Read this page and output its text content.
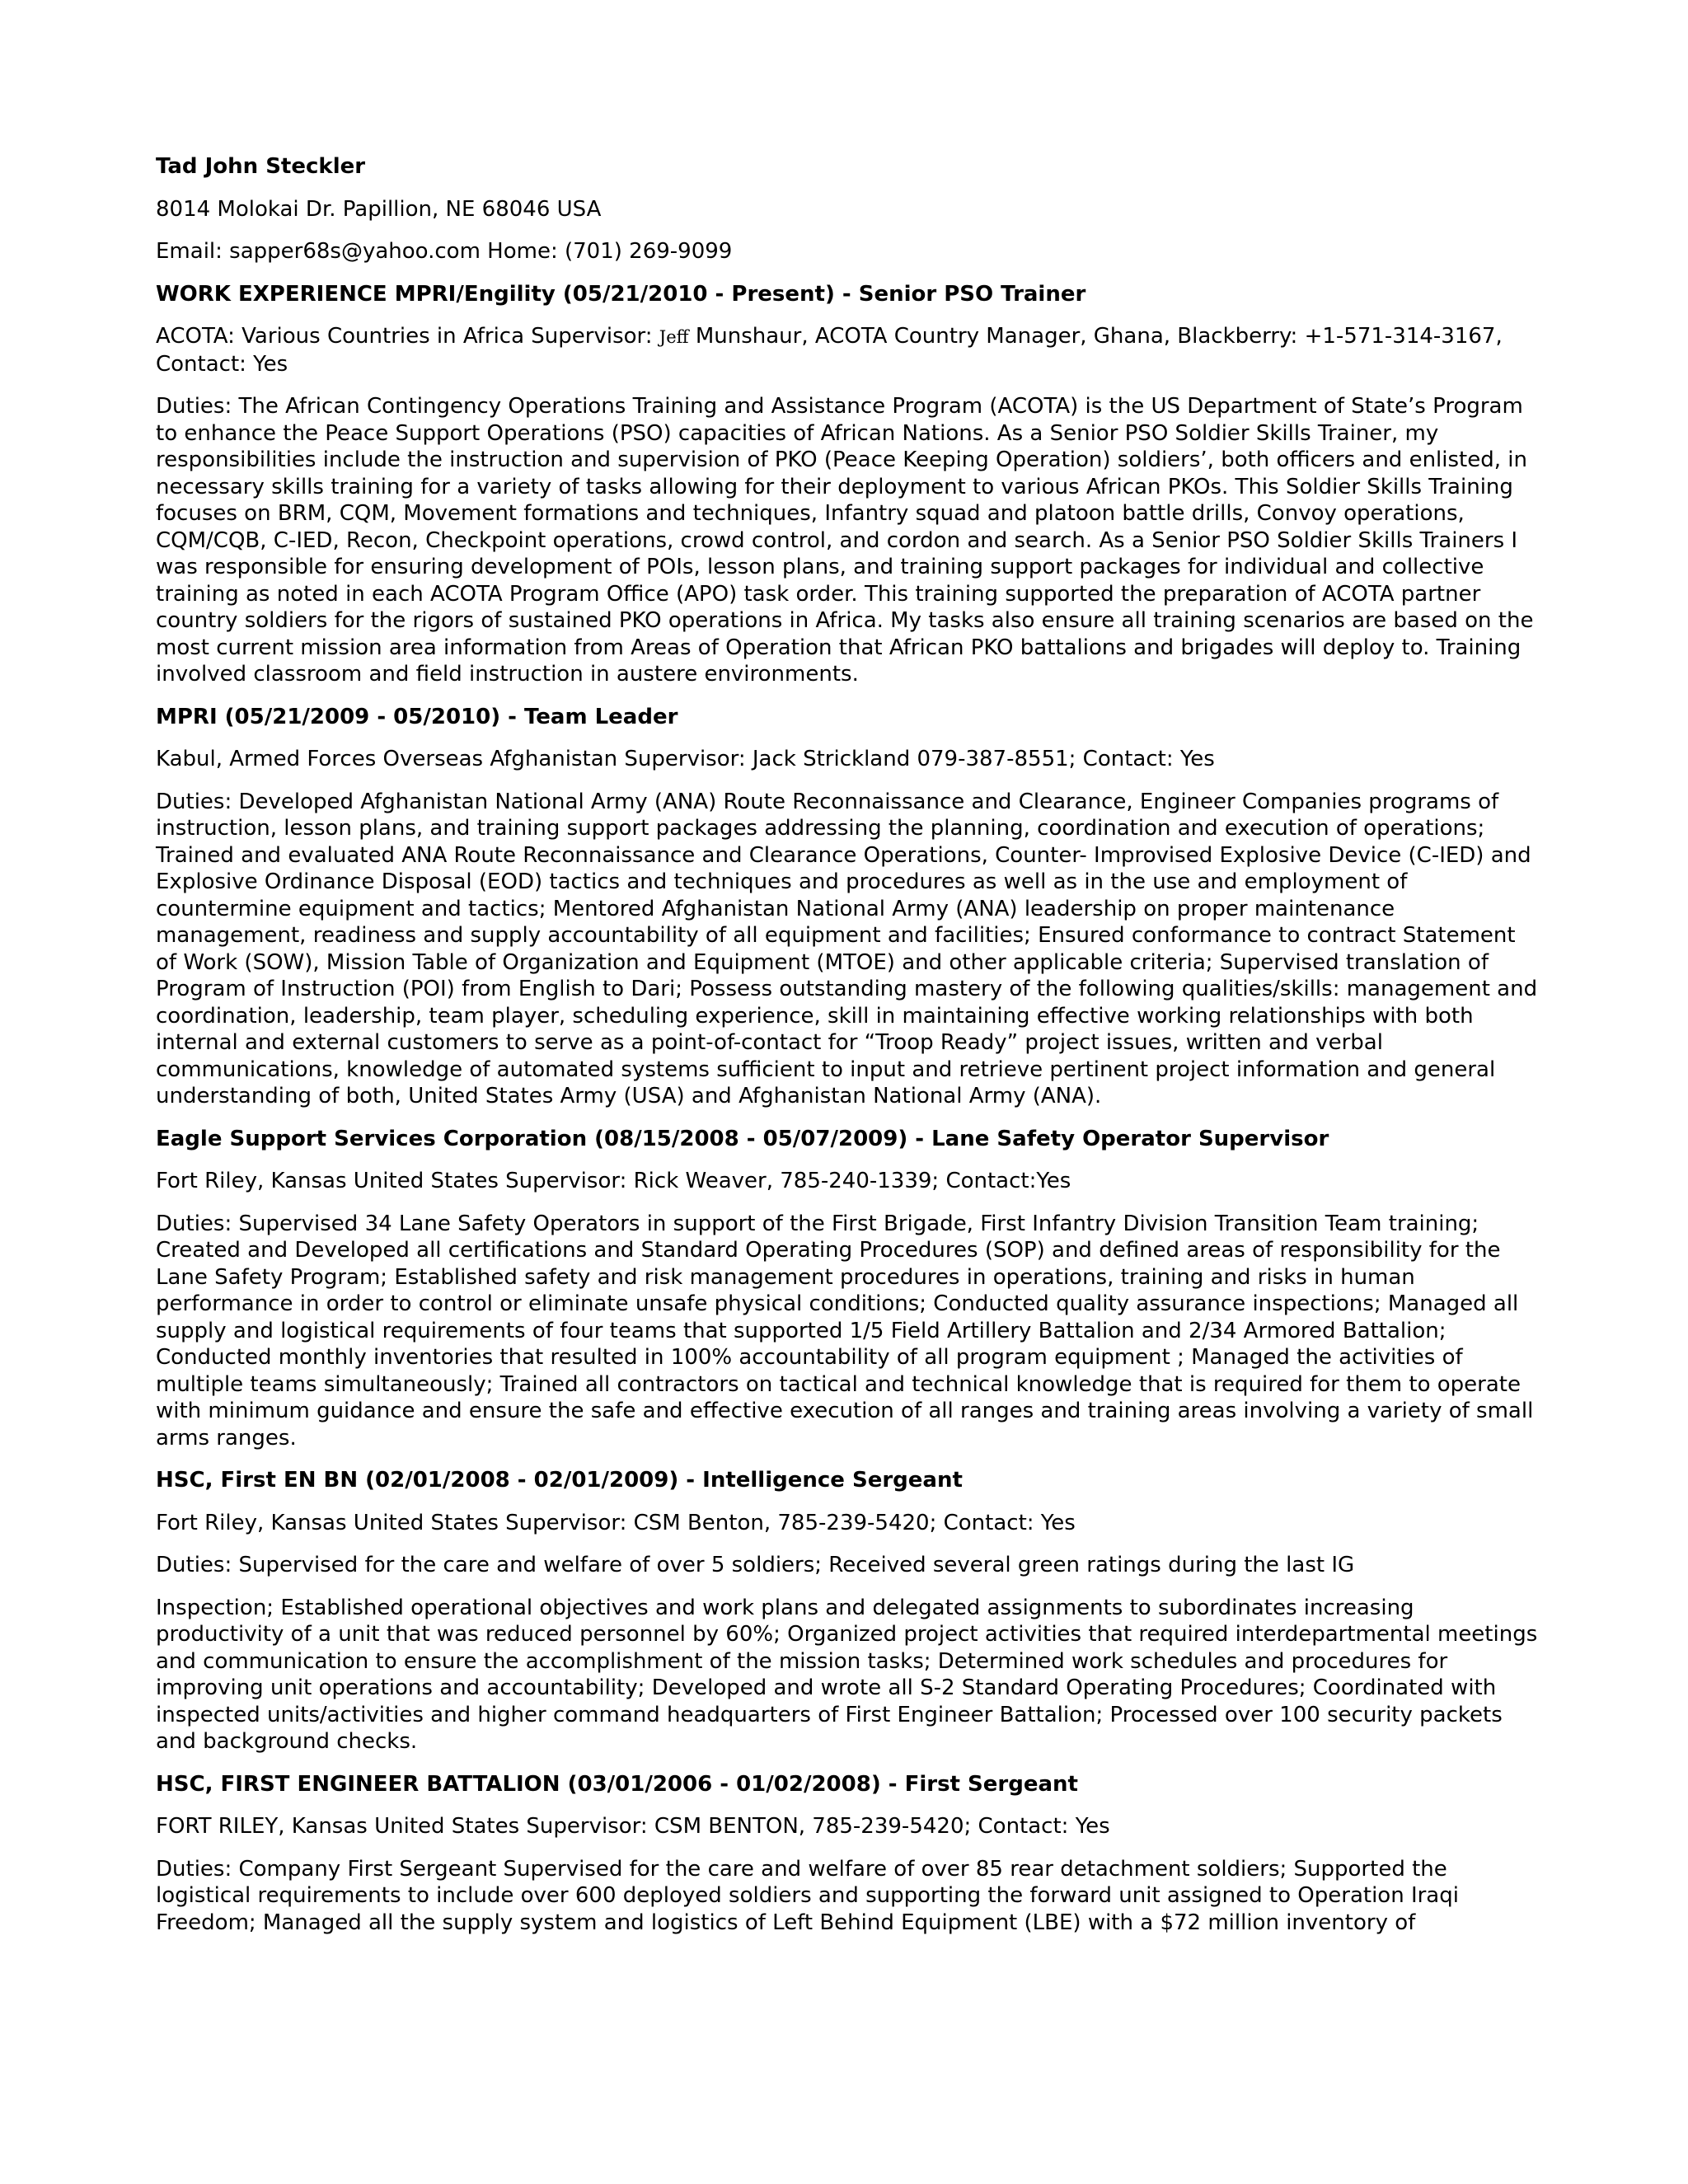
Tad John Steckler

8014 Molokai Dr. Papillion, NE 68046 USA

Email: sapper68s@yahoo.com Home: (701) 269-9099

WORK EXPERIENCE MPRI/Engility (05/21/2010 - Present) - Senior PSO Trainer

ACOTA: Various Countries in Africa Supervisor: Jeff Munshaur, ACOTA Country Manager, Ghana, Blackberry: +1-571-314-3167, Contact: Yes

Duties: The African Contingency Operations Training and Assistance Program (ACOTA) is the US Department of State’s Program to enhance the Peace Support Operations (PSO) capacities of African Nations. As a Senior PSO Soldier Skills Trainer, my responsibilities include the instruction and supervision of PKO (Peace Keeping Operation) soldiers’, both officers and enlisted, in necessary skills training for a variety of tasks allowing for their deployment to various African PKOs. This Soldier Skills Training focuses on BRM, CQM, Movement formations and techniques, Infantry squad and platoon battle drills, Convoy operations, CQM/CQB, C-IED, Recon, Checkpoint operations, crowd control, and cordon and search. As a Senior PSO Soldier Skills Trainers I was responsible for ensuring development of POIs, lesson plans, and training support packages for individual and collective training as noted in each ACOTA Program Office (APO) task order. This training supported the preparation of ACOTA partner country soldiers for the rigors of sustained PKO operations in Africa. My tasks also ensure all training scenarios are based on the most current mission area information from Areas of Operation that African PKO battalions and brigades will deploy to. Training involved classroom and field instruction in austere environments.

MPRI (05/21/2009 - 05/2010) - Team Leader

Kabul, Armed Forces Overseas Afghanistan Supervisor: Jack Strickland 079-387-8551; Contact: Yes

Duties: Developed Afghanistan National Army (ANA) Route Reconnaissance and Clearance, Engineer Companies programs of instruction, lesson plans, and training support packages addressing the planning, coordination and execution of operations; Trained and evaluated ANA Route Reconnaissance and Clearance Operations, Counter- Improvised Explosive Device (C-IED) and Explosive Ordinance Disposal (EOD) tactics and techniques and procedures as well as in the use and employment of countermine equipment and tactics; Mentored Afghanistan National Army (ANA) leadership on proper maintenance management, readiness and supply accountability of all equipment and facilities; Ensured conformance to contract Statement of Work (SOW), Mission Table of Organization and Equipment (MTOE) and other applicable criteria; Supervised translation of Program of Instruction (POI) from English to Dari; Possess outstanding mastery of the following qualities/skills: management and coordination, leadership, team player, scheduling experience, skill in maintaining effective working relationships with both internal and external customers to serve as a point-of-contact for “Troop Ready” project issues, written and verbal communications, knowledge of automated systems sufficient to input and retrieve pertinent project information and general understanding of both, United States Army (USA) and Afghanistan National Army (ANA).

Eagle Support Services Corporation (08/15/2008 - 05/07/2009) - Lane Safety Operator Supervisor

Fort Riley, Kansas United States Supervisor: Rick Weaver, 785-240-1339; Contact:Yes

Duties: Supervised 34 Lane Safety Operators in support of the First Brigade, First Infantry Division Transition Team training; Created and Developed all certifications and Standard Operating Procedures (SOP) and defined areas of responsibility for the Lane Safety Program; Established safety and risk management procedures in operations, training and risks in human performance in order to control or eliminate unsafe physical conditions; Conducted quality assurance inspections; Managed all supply and logistical requirements of four teams that supported 1/5 Field Artillery Battalion and 2/34 Armored Battalion; Conducted monthly inventories that resulted in 100% accountability of all program equipment ; Managed the activities of multiple teams simultaneously; Trained all contractors on tactical and technical knowledge that is required for them to operate with minimum guidance and ensure the safe and effective execution of all ranges and training areas involving a variety of small arms ranges.

HSC, First EN BN (02/01/2008 - 02/01/2009) - Intelligence Sergeant

Fort Riley, Kansas United States Supervisor: CSM Benton, 785-239-5420; Contact: Yes

Duties: Supervised for the care and welfare of over 5 soldiers; Received several green ratings during the last IG

Inspection; Established operational objectives and work plans and delegated assignments to subordinates increasing productivity of a unit that was reduced personnel by 60%; Organized project activities that required interdepartmental meetings and communication to ensure the accomplishment of the mission tasks; Determined work schedules and procedures for improving unit operations and accountability; Developed and wrote all S-2 Standard Operating Procedures; Coordinated with inspected units/activities and higher command headquarters of First Engineer Battalion; Processed over 100 security packets and background checks.

HSC, FIRST ENGINEER BATTALION (03/01/2006 - 01/02/2008) - First Sergeant

FORT RILEY, Kansas United States Supervisor: CSM BENTON, 785-239-5420; Contact: Yes

Duties: Company First Sergeant Supervised for the care and welfare of over 85 rear detachment soldiers; Supported the logistical requirements to include over 600 deployed soldiers and supporting the forward unit assigned to Operation Iraqi Freedom; Managed all the supply system and logistics of Left Behind Equipment (LBE) with a $72 million inventory of
